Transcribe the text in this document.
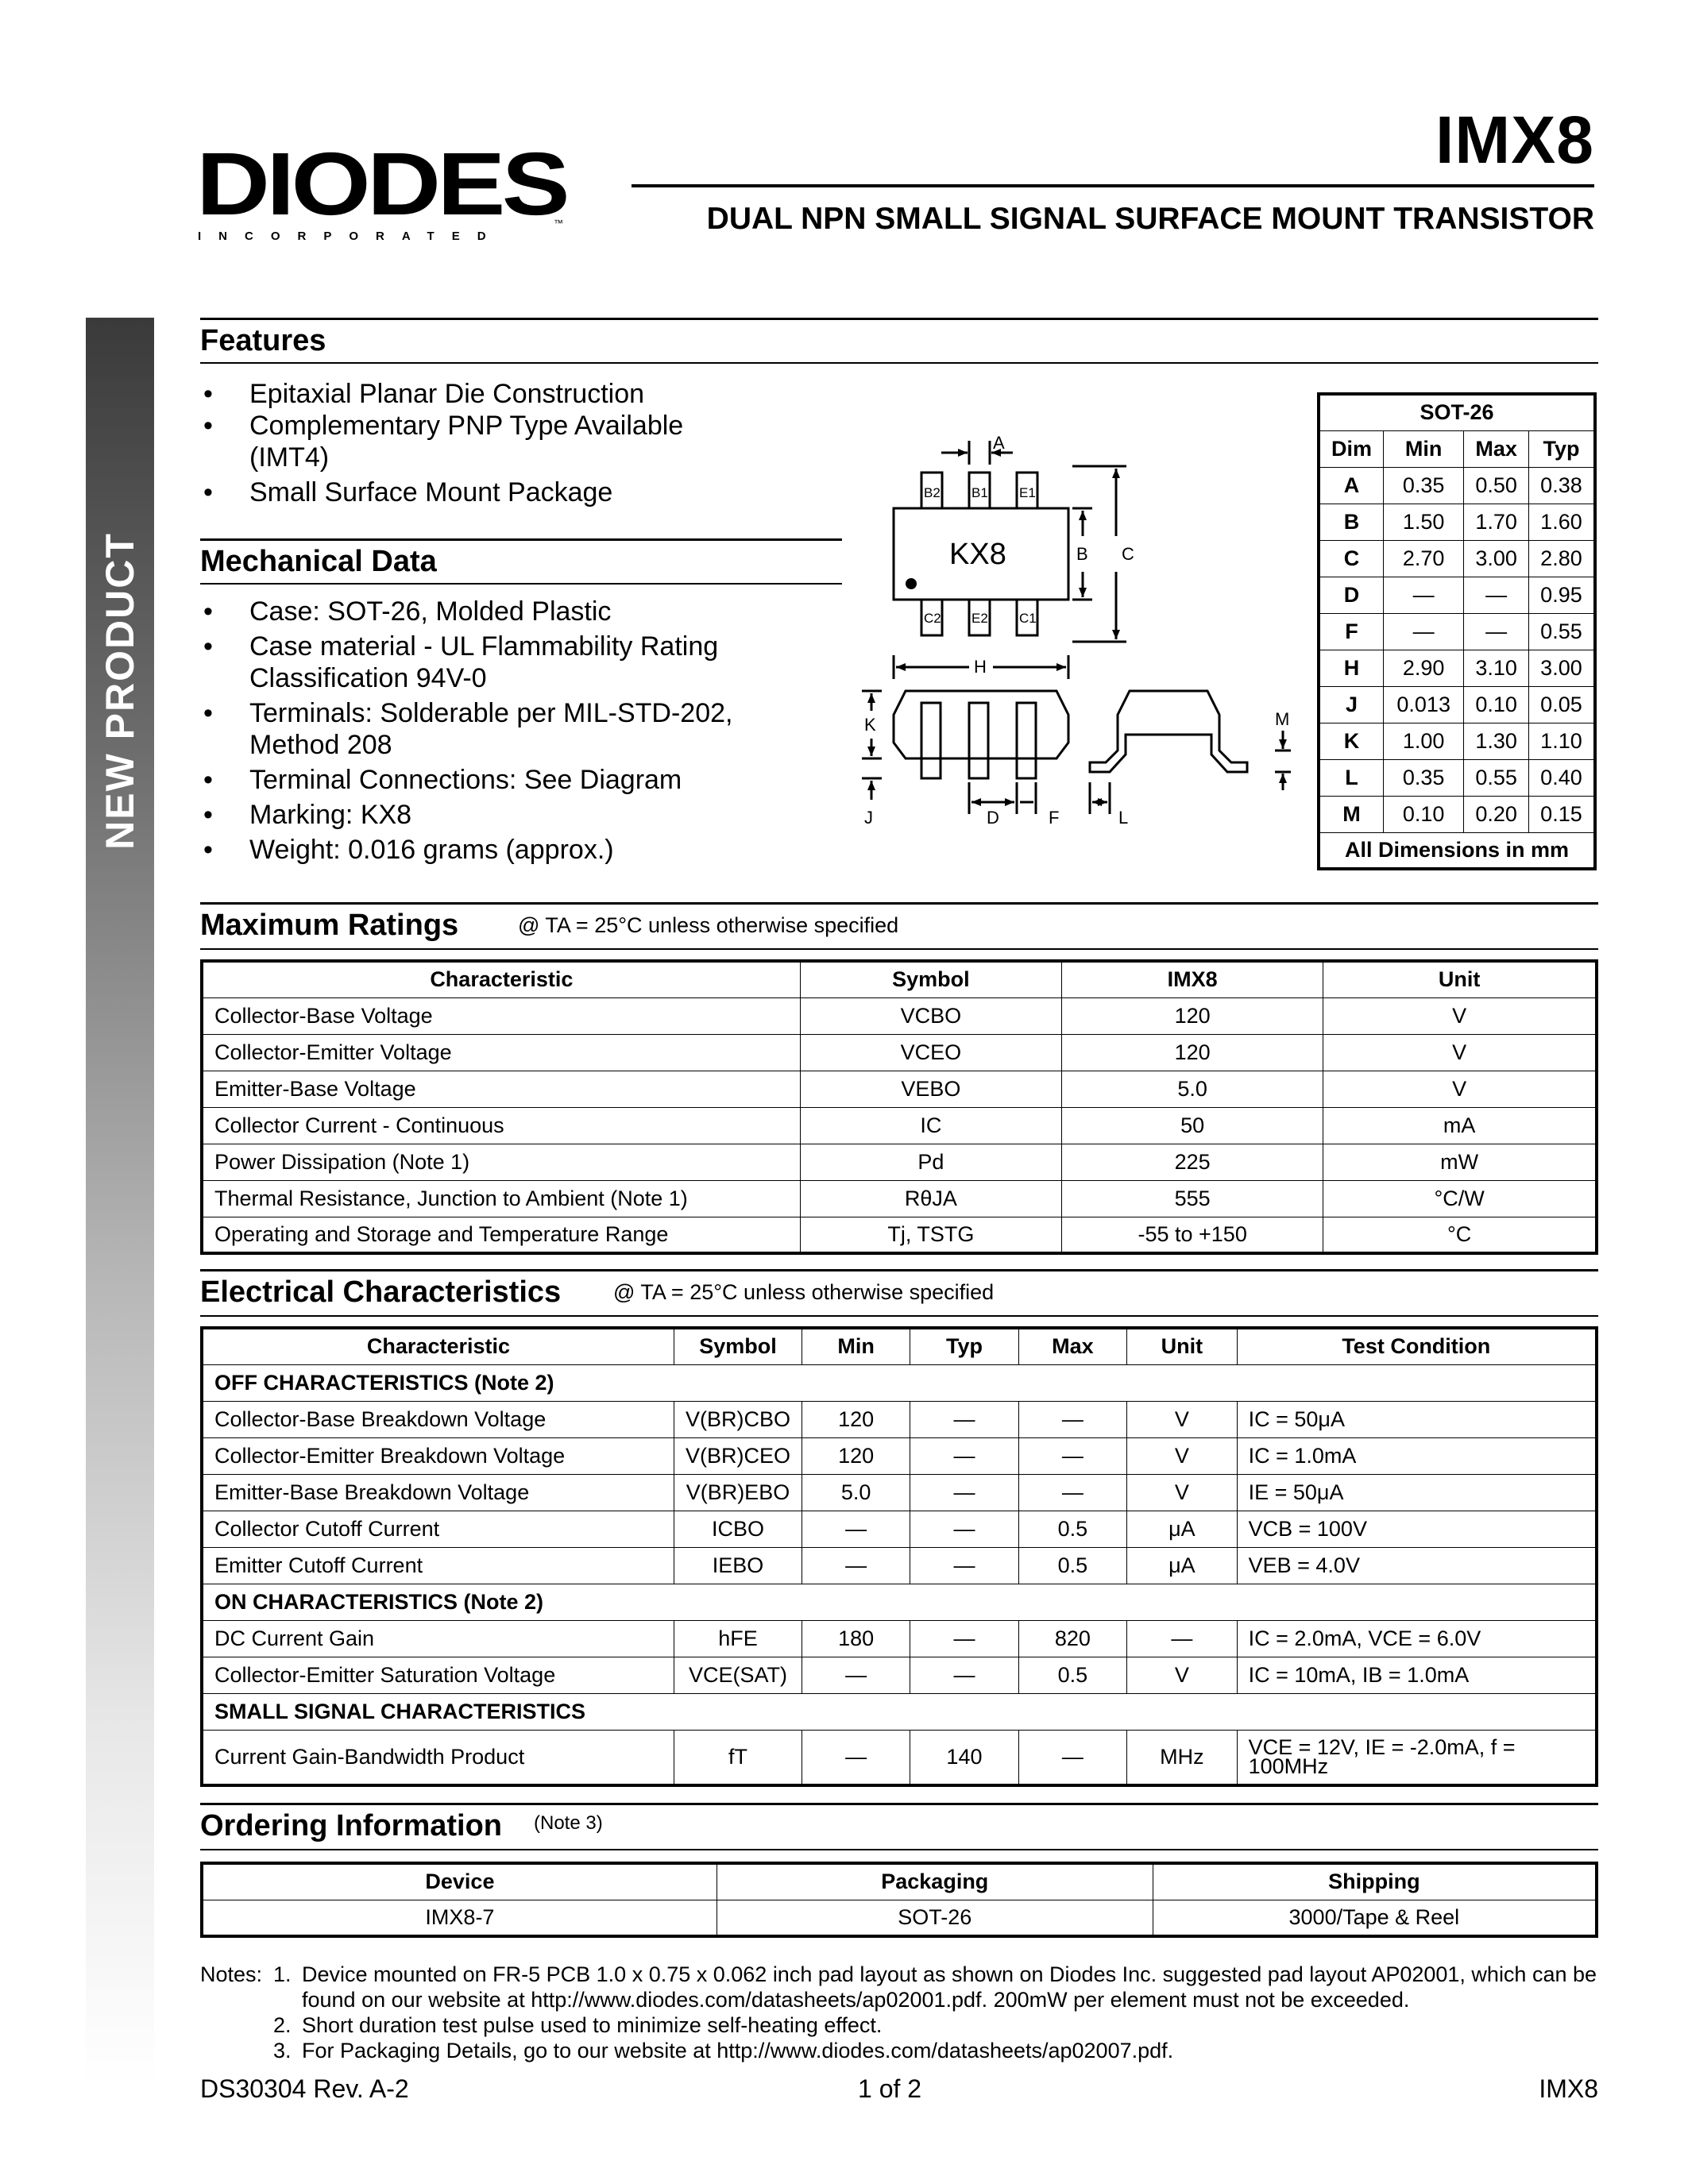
DIODES
INCORPORATED
™
IMX8
DUAL NPN SMALL SIGNAL SURFACE MOUNT TRANSISTOR
NEW PRODUCT
Features
• Epitaxial Planar Die Construction
• Complementary PNP Type Available (IMT4)
• Small Surface Mount Package
Mechanical Data
• Case: SOT-26, Molded Plastic
• Case material - UL Flammability Rating Classification 94V-0
• Terminals: Solderable per MIL-STD-202, Method 208
• Terminal Connections: See Diagram
• Marking: KX8
• Weight: 0.016 grams (approx.)
A
B2 B1 E1
C2 E2 C1
KX8	B C
H
K
J	D	F	L
M
SOT-26			
Dim	Min	Max	Typ
A	0.35	0.50	0.38
B	1.50	1.70	1.60
C	2.70	3.00	2.80
D	—	—	0.95
F	—	—	0.55
H	2.90	3.10	3.00
J	0.013	0.10	0.05
K	1.00	1.30	1.10
L	0.35	0.55	0.40
M	0.10	0.20	0.15
All Dimensions in mm			
Maximum Ratings	@ TA = 25°C unless otherwise specified
Characteristic	Symbol	IMX8	Unit
Collector-Base Voltage	VCBO	120	V
Collector-Emitter Voltage	VCEO	120	V
Emitter-Base Voltage	VEBO	5.0	V
Collector Current - Continuous	IC	50	mA
Power Dissipation (Note 1)	Pd	225	mW
Thermal Resistance, Junction to Ambient (Note 1)	RθJA	555	°C/W
Operating and Storage and Temperature Range	Tj, TSTG	-55 to +150	°C
Electrical Characteristics @ TA = 25°C unless otherwise specified
Characteristic	Symbol	Min	Typ	Max	Unit	Test Condition
OFF CHARACTERISTICS (Note 2)						
Collector-Base Breakdown Voltage	V(BR)CBO	120	—	—	V	IC = 50μA
Collector-Emitter Breakdown Voltage	V(BR)CEO	120	—	—	V	IC = 1.0mA
Emitter-Base Breakdown Voltage	V(BR)EBO	5.0	—	—	V	IE = 50μA
Collector Cutoff Current	ICBO	—	—	0.5	μA	VCB = 100V
Emitter Cutoff Current	IEBO	—	—	0.5	μA	VEB = 4.0V
ON CHARACTERISTICS (Note 2)						
DC Current Gain	hFE	180	—	820	—	IC = 2.0mA, VCE = 6.0V
Collector-Emitter Saturation Voltage	VCE(SAT)	—	—	0.5	V	IC = 10mA, IB = 1.0mA
SMALL SIGNAL CHARACTERISTICS						
Current Gain-Bandwidth Product	fT	—	140	—	MHz	VCE = 12V, IE = -2.0mA, f = 100MHz
Ordering Information (Note 3)
Device	Packaging	Shipping
IMX8-7	SOT-26	3000/Tape & Reel
Notes: 1. Device mounted on FR-5 PCB 1.0 x 0.75 x 0.062 inch pad layout as shown on Diodes Inc. suggested pad layout AP02001, which can be found on our website at http://www.diodes.com/datasheets/ap02001.pdf. 200mW per element must not be exceeded.
2. Short duration test pulse used to minimize self-heating effect.
3. For Packaging Details, go to our website at http://www.diodes.com/datasheets/ap02007.pdf.
DS30304 Rev. A-2	1 of 2	IMX8
